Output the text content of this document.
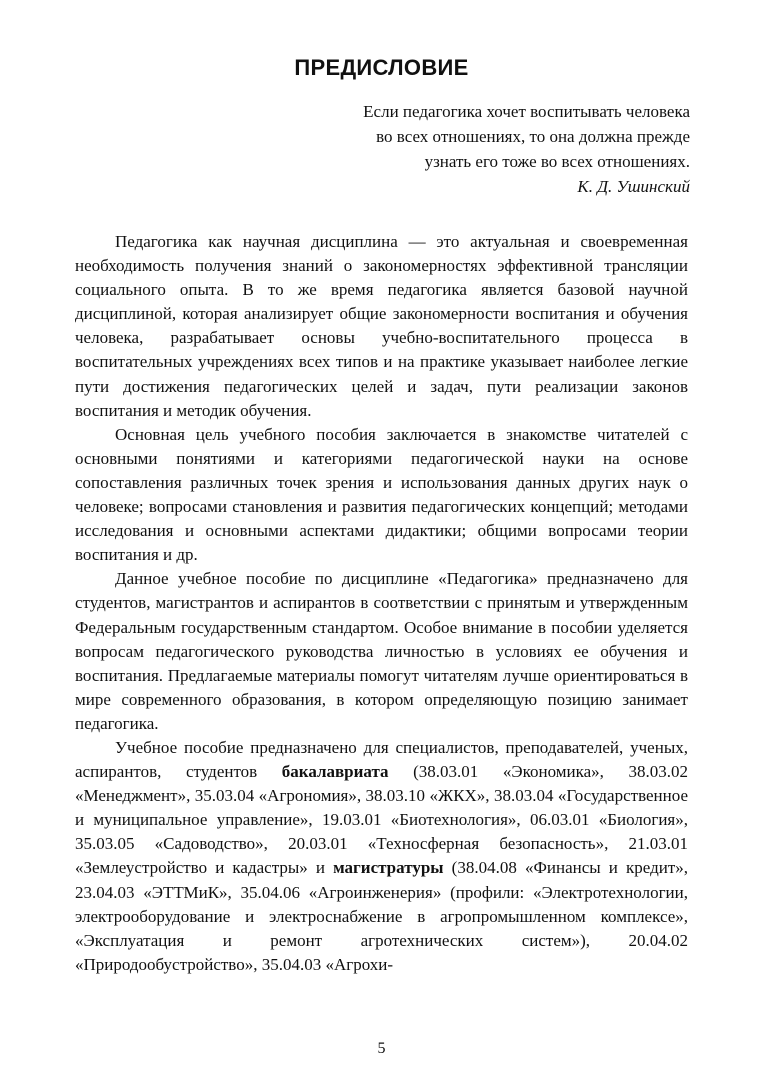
ПРЕДИСЛОВИЕ
Если педагогика хочет воспитывать человека
во всех отношениях, то она должна прежде
узнать его тоже во всех отношениях.
К. Д. Ушинский

Педагогика как научная дисциплина — это актуальная и своевременная необходимость получения знаний о закономерностях эффективной трансляции социального опыта. В то же время педагогика является базовой научной дисциплиной, которая анализирует общие закономерности воспитания и обучения человека, разрабатывает основы учебно-воспитательного процесса в воспитательных учреждениях всех типов и на практике указывает наиболее легкие пути достижения педагогических целей и задач, пути реализации законов воспитания и методик обучения.

Основная цель учебного пособия заключается в знакомстве читателей с основными понятиями и категориями педагогической науки на основе сопоставления различных точек зрения и использования данных других наук о человеке; вопросами становления и развития педагогических концепций; методами исследования и основными аспектами дидактики; общими вопросами теории воспитания и др.

Данное учебное пособие по дисциплине «Педагогика» предназначено для студентов, магистрантов и аспирантов в соответствии с принятым и утвержденным Федеральным государственным стандартом. Особое внимание в пособии уделяется вопросам педагогического руководства личностью в условиях ее обучения и воспитания. Предлагаемые материалы помогут читателям лучше ориентироваться в мире современного образования, в котором определяющую позицию занимает педагогика.

Учебное пособие предназначено для специалистов, преподавателей, ученых, аспирантов, студентов бакалавриата (38.03.01 «Экономика», 38.03.02 «Менеджмент», 35.03.04 «Агрономия», 38.03.10 «ЖКХ», 38.03.04 «Государственное и муниципальное управление», 19.03.01 «Биотехнология», 06.03.01 «Биология», 35.03.05 «Садоводство», 20.03.01 «Техносферная безопасность», 21.03.01 «Землеустройство и кадастры» и магистратуры (38.04.08 «Финансы и кредит», 23.04.03 «ЭТТМиК», 35.04.06 «Агроинженерия» (профили: «Электротехнологии, электрооборудование и электроснабжение в агропромышленном комплексе», «Эксплуатация и ремонт агротехнических систем»), 20.04.02 «Природообустройство», 35.04.03 «Агрохи-

5
